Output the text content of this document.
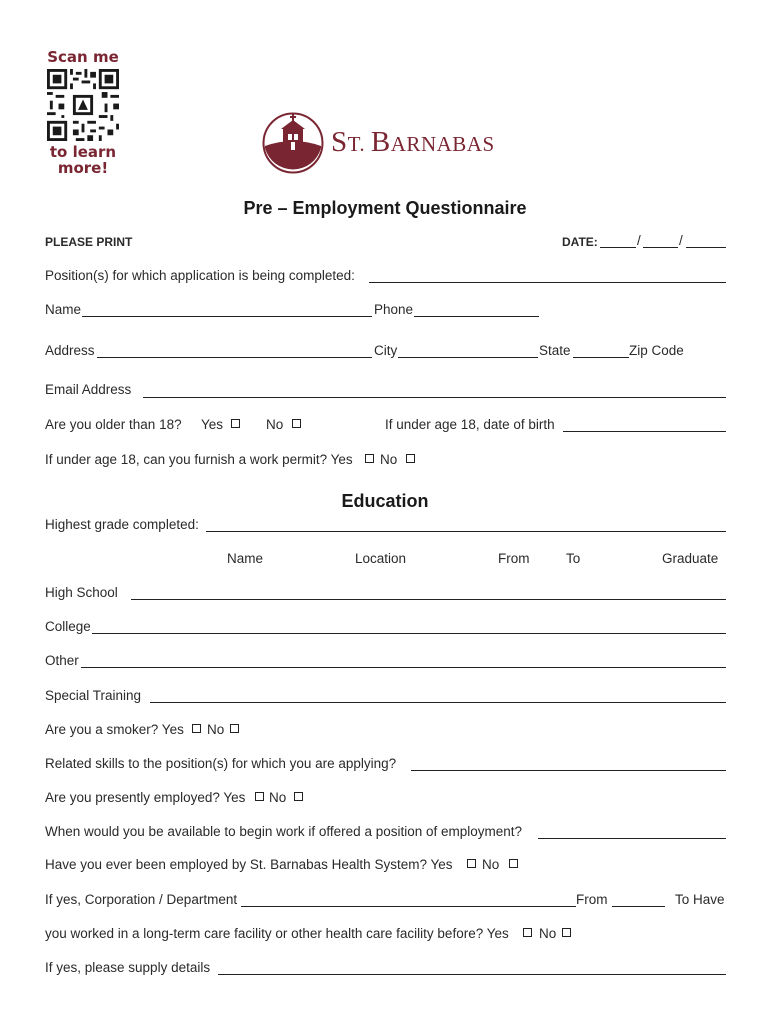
Scan me
to learn
more!
ST. BARNABAS
Pre – Employment Questionnaire
PLEASE PRINT	DATE:	/	/
Position(s) for which application is being completed:
Name	Phone
Address	City	State	Zip Code
Email Address
Are you older than 18? Yes	No	If under age 18, date of birth
If under age 18, can you furnish a work permit? Yes No
Education
Highest grade completed:
Name	Location	From	To	Graduate
High School
College
Other
Special Training
Are you a smoker? Yes No
Related skills to the position(s) for which you are applying?
Are you presently employed? Yes No
When would you be available to begin work if offered a position of employment?
Have you ever been employed by St. Barnabas Health System? Yes No
If yes, Corporation / Department	From	To Have
you worked in a long-term care facility or other health care facility before? Yes No
If yes, please supply details
